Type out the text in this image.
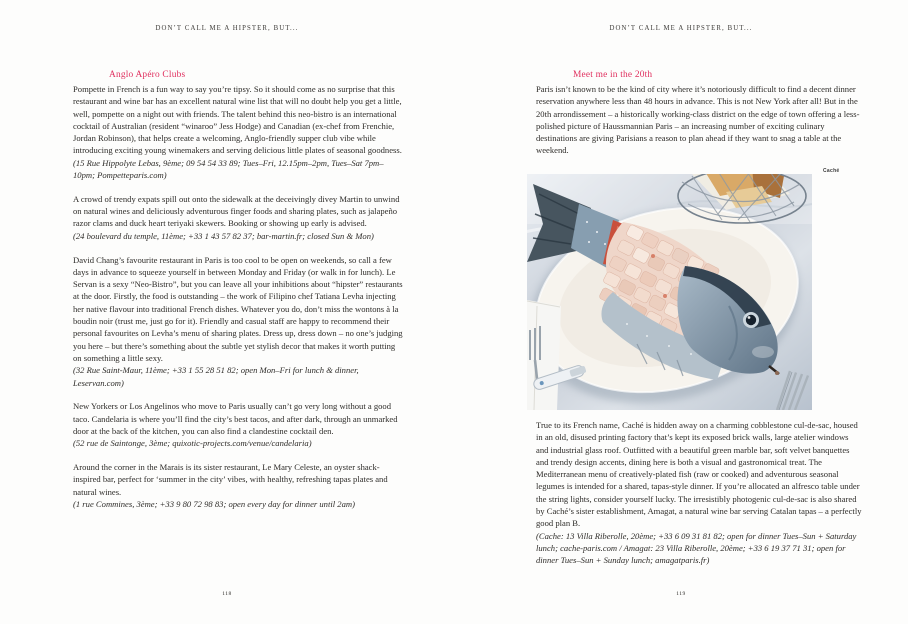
DON’T CALL ME A HIPSTER, BUT...
Anglo Apéro Clubs

Pompette in French is a fun way to say you’re tipsy. So it should come as no surprise that this restaurant and wine bar has an excellent natural wine list that will no doubt help you get a little, well, pompette on a night out with friends. The talent behind this neo-bistro is an international cocktail of Australian (resident “winaroo” Jess Hodge) and Canadian (ex-chef from Frenchie, Jordan Robinson), that helps create a welcoming, Anglo-friendly supper club vibe while introducing exciting young winemakers and serving delicious little plates of seasonal goodness.

(15 Rue Hippolyte Lebas, 9ème; 09 54 54 33 89; Tues–Fri, 12.15pm–2pm, Tues–Sat 7pm–10pm; Pompetteparis.com)

A crowd of trendy expats spill out onto the sidewalk at the deceivingly divey Martin to unwind on natural wines and deliciously adventurous finger foods and sharing plates, such as jalapeño razor clams and duck heart teriyaki skewers. Booking or showing up early is advised.

(24 boulevard du temple, 11ème; +33 1 43 57 82 37; bar-martin.fr; closed Sun & Mon)

David Chang’s favourite restaurant in Paris is too cool to be open on weekends, so call a few days in advance to squeeze yourself in between Monday and Friday (or walk in for lunch). Le Servan is a sexy “Neo-Bistro”, but you can leave all your inhibitions about “hipster” restaurants at the door. Firstly, the food is outstanding – the work of Filipino chef Tatiana Levha injecting her native flavour into traditional French dishes. Whatever you do, don’t miss the wontons à la boudin noir (trust me, just go for it). Friendly and casual staff are happy to recommend their personal favourites on Levha’s menu of sharing plates. Dress up, dress down – no one’s judging you here – but there’s something about the subtle yet stylish decor that makes it worth putting on something a little sexy.

(32 Rue Saint-Maur, 11ème; +33 1 55 28 51 82; open Mon–Fri for lunch & dinner, Leservan.com)

New Yorkers or Los Angelinos who move to Paris usually can’t go very long without a good taco. Candelaria is where you’ll find the city’s best tacos, and after dark, through an unmarked door at the back of the kitchen, you can also find a clandestine cocktail den.

(52 rue de Saintonge, 3ème; quixotic-projects.com/venue/candelaria)

Around the corner in the Marais is its sister restaurant, Le Mary Celeste, an oyster shack-inspired bar, perfect for ‘summer in the city’ vibes, with healthy, refreshing tapas plates and natural wines.

(1 rue Commines, 3ème; +33 9 80 72 98 83; open every day for dinner until 2am)

118
DON’T CALL ME A HIPSTER, BUT...
Meet me in the 20th

Paris isn’t known to be the kind of city where it’s notoriously difficult to find a decent dinner reservation anywhere less than 48 hours in advance. This is not New York after all! But in the 20th arrondissement – a historically working-class district on the edge of town offering a less-polished picture of Haussmannian Paris – an increasing number of exciting culinary destinations are giving Parisians a reason to plan ahead if they want to snag a table at the weekend.

Caché

True to its French name, Caché is hidden away on a charming cobblestone cul-de-sac, housed in an old, disused printing factory that’s kept its exposed brick walls, large atelier windows and industrial glass roof. Outfitted with a beautiful green marble bar, soft velvet banquettes and trendy design accents, dining here is both a visual and gastronomical treat. The Mediterranean menu of creatively-plated fish (raw or cooked) and adventurous seasonal legumes is intended for a shared, tapas-style dinner. If you’re allocated an alfresco table under the string lights, consider yourself lucky. The irresistibly photogenic cul-de-sac is also shared by Caché’s sister establishment, Amagat, a natural wine bar serving Catalan tapas – a perfectly good plan B.

(Cache: 13 Villa Riberolle, 20ème; +33 6 09 31 81 82; open for dinner Tues–Sun + Saturday lunch; cache-paris.com / Amagat: 23 Villa Riberolle, 20ème; +33 6 19 37 71 31; open for dinner Tues–Sun + Sunday lunch; amagatparis.fr)

119
